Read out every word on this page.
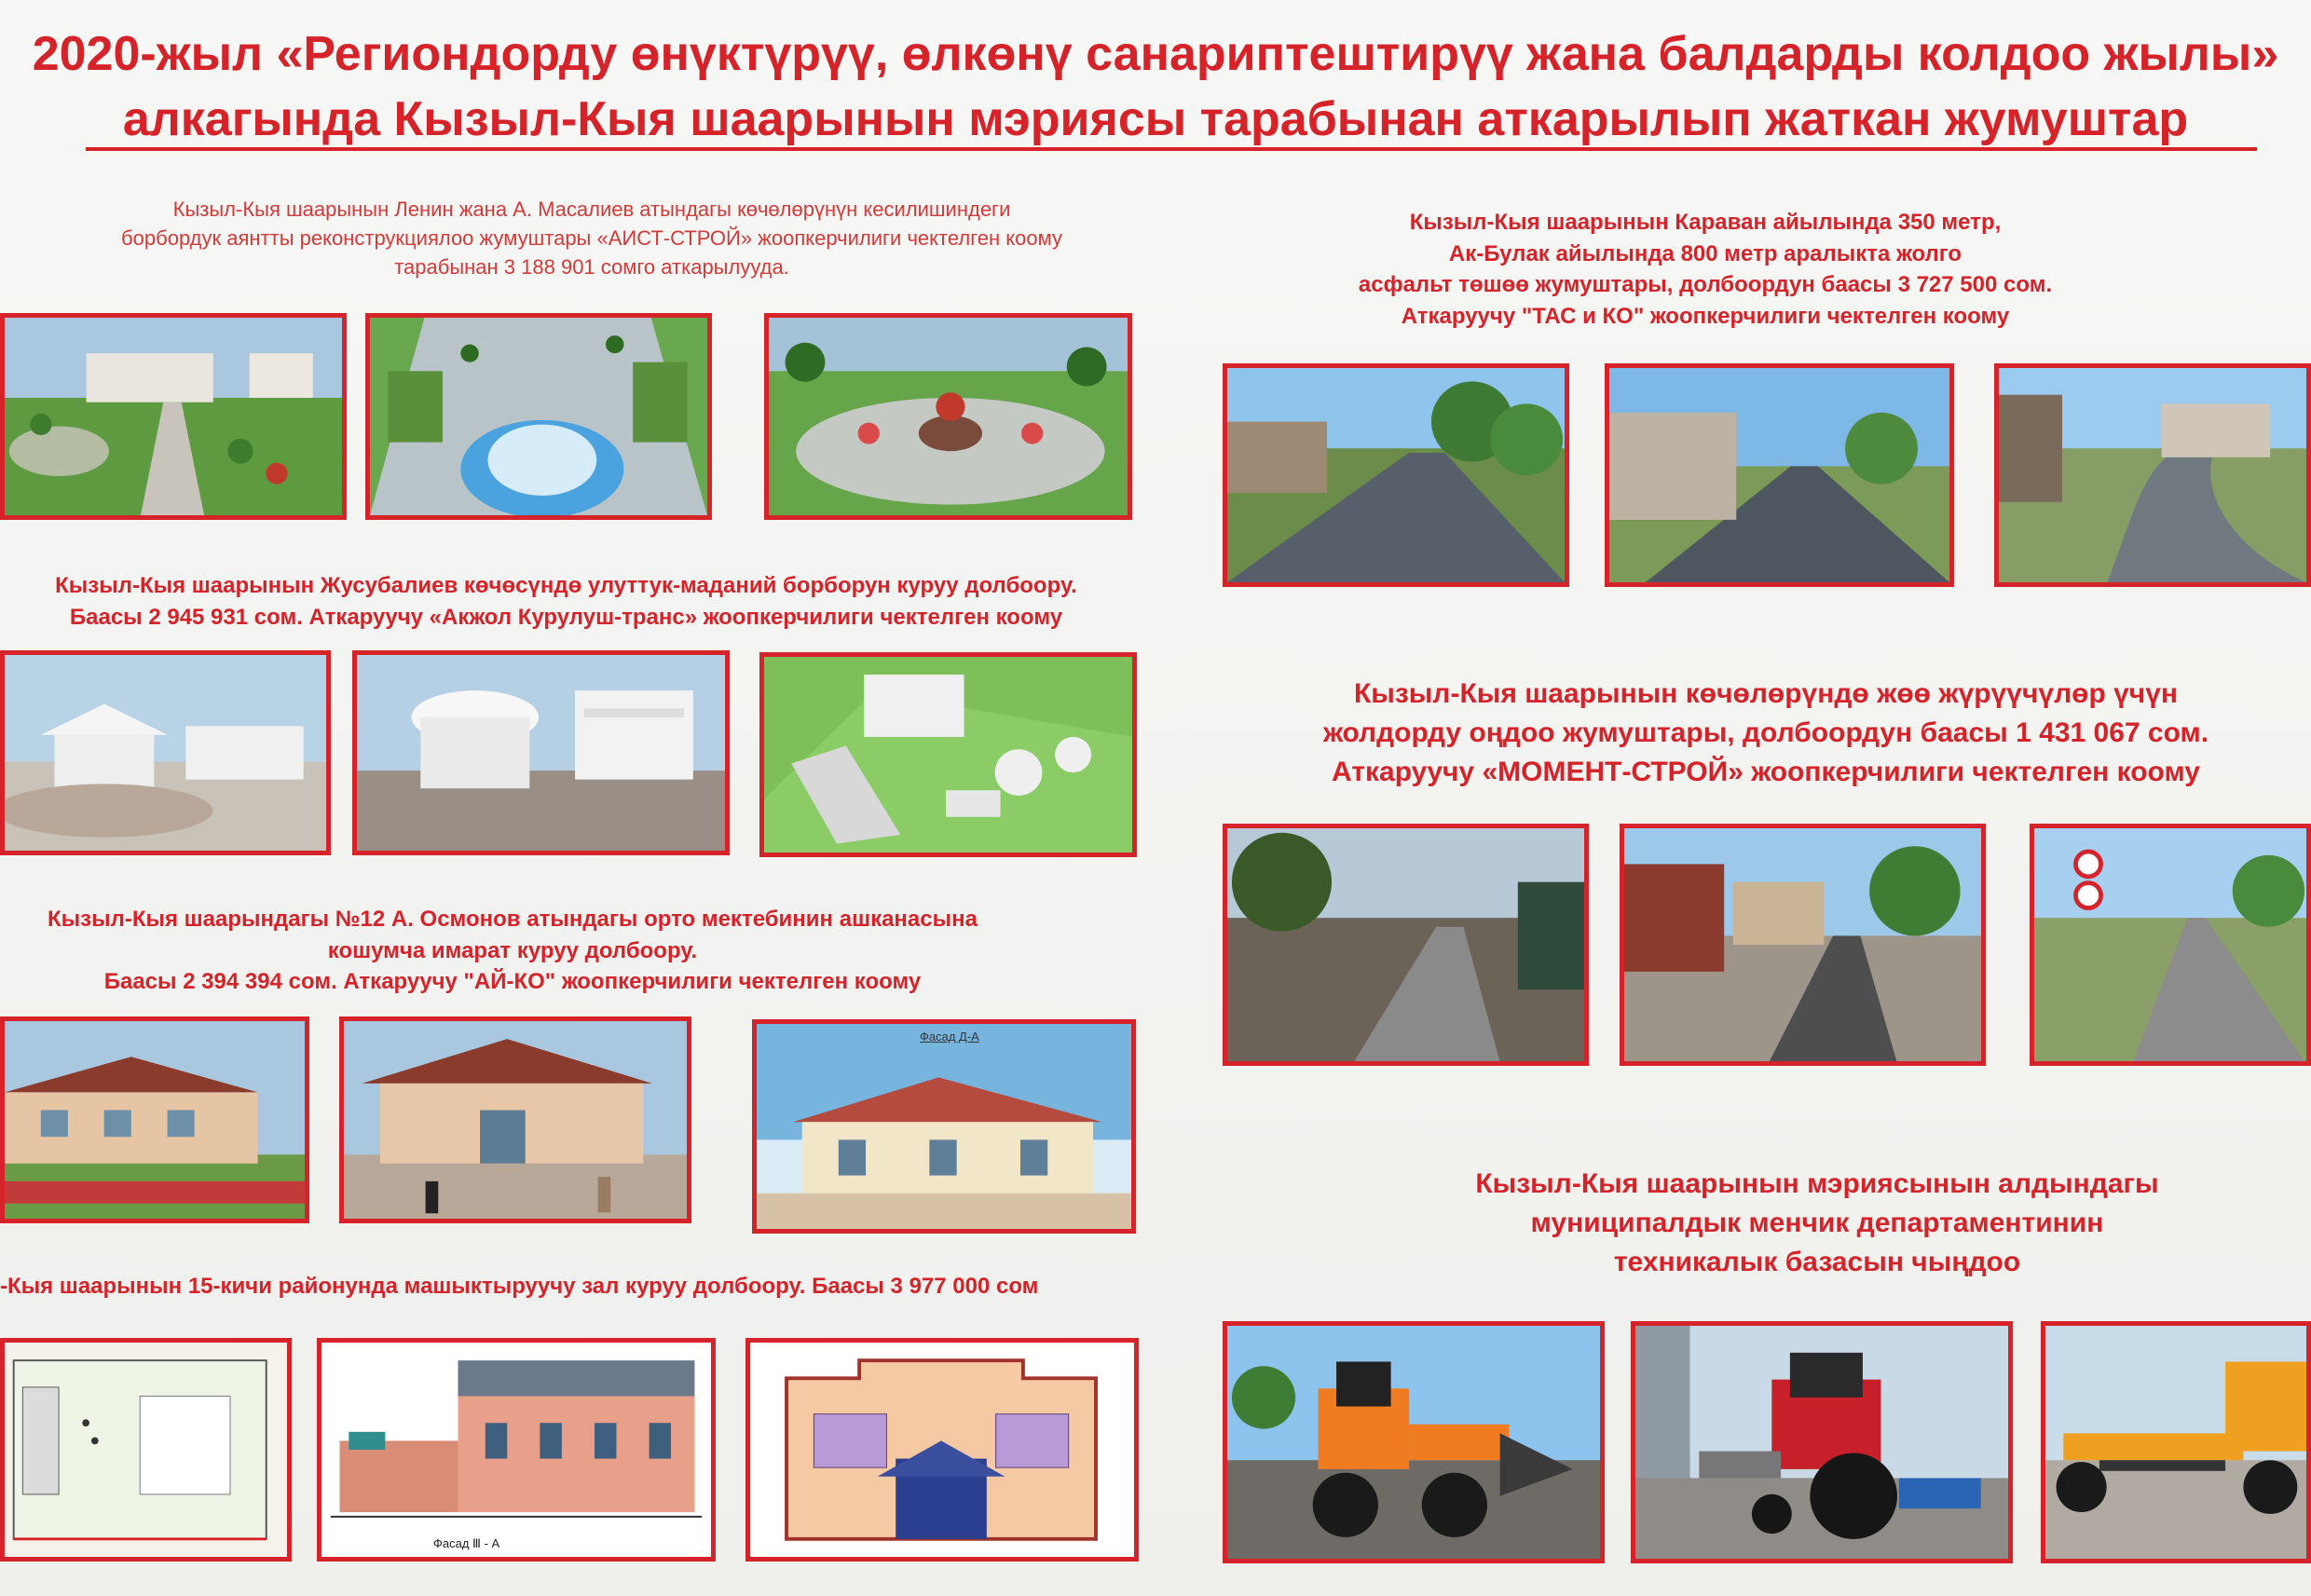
2020-жыл «Региондорду өнүктүрүү, өлкөнү санариптештирүү жана балдарды колдоо жылы»
алкагында Кызыл-Кыя шаарынын мэриясы тарабынан аткарылып жаткан жумуштар
Кызыл-Кыя шаарынын Ленин жана А. Масалиев атындагы көчөлөрүнүн кесилишиндеги
борбордук аянтты реконструкциялоо жумуштары «АИСТ-СТРОЙ» жоопкерчилиги чектелген коому
тарабынан 3 188 901 сомго аткарылууда.
Кызыл-Кыя шаарынын Жусубалиев көчөсүндө улуттук-маданий борборун куруу долбоору.
Баасы 2 945 931 сом. Аткаруучу «Акжол Курулуш-транс» жоопкерчилиги чектелген коому
Кызыл-Кыя шаарындагы №12 А. Осмонов атындагы орто мектебинин ашканасына
кошумча имарат куруу долбоору.
Баасы 2 394 394 сом. Аткаруучу "АЙ-КО" жоопкерчилиги чектелген коому
Фасад Д-А
-Кыя шаарынын 15-кичи районунда машыктыруучу зал куруу долбоору. Баасы 3 977 000 сом
Фасад Ⅲ - А
Кызыл-Кыя шаарынын Караван айылында 350 метр,
Ак-Булак айылында 800 метр аралыкта жолго
асфальт төшөө жумуштары, долбоордун баасы 3 727 500 сом.
Аткаруучу "ТАС и КО" жоопкерчилиги чектелген коому
Кызыл-Кыя шаарынын көчөлөрүндө жөө жүрүүчүлөр үчүн
жолдорду оңдоо жумуштары, долбоордун баасы 1 431 067 сом.
Аткаруучу «МОМЕНТ-СТРОЙ» жоопкерчилиги чектелген коому
Кызыл-Кыя шаарынын мэриясынын алдындагы
муниципалдык менчик департаментинин
техникалык базасын чыңдоо
